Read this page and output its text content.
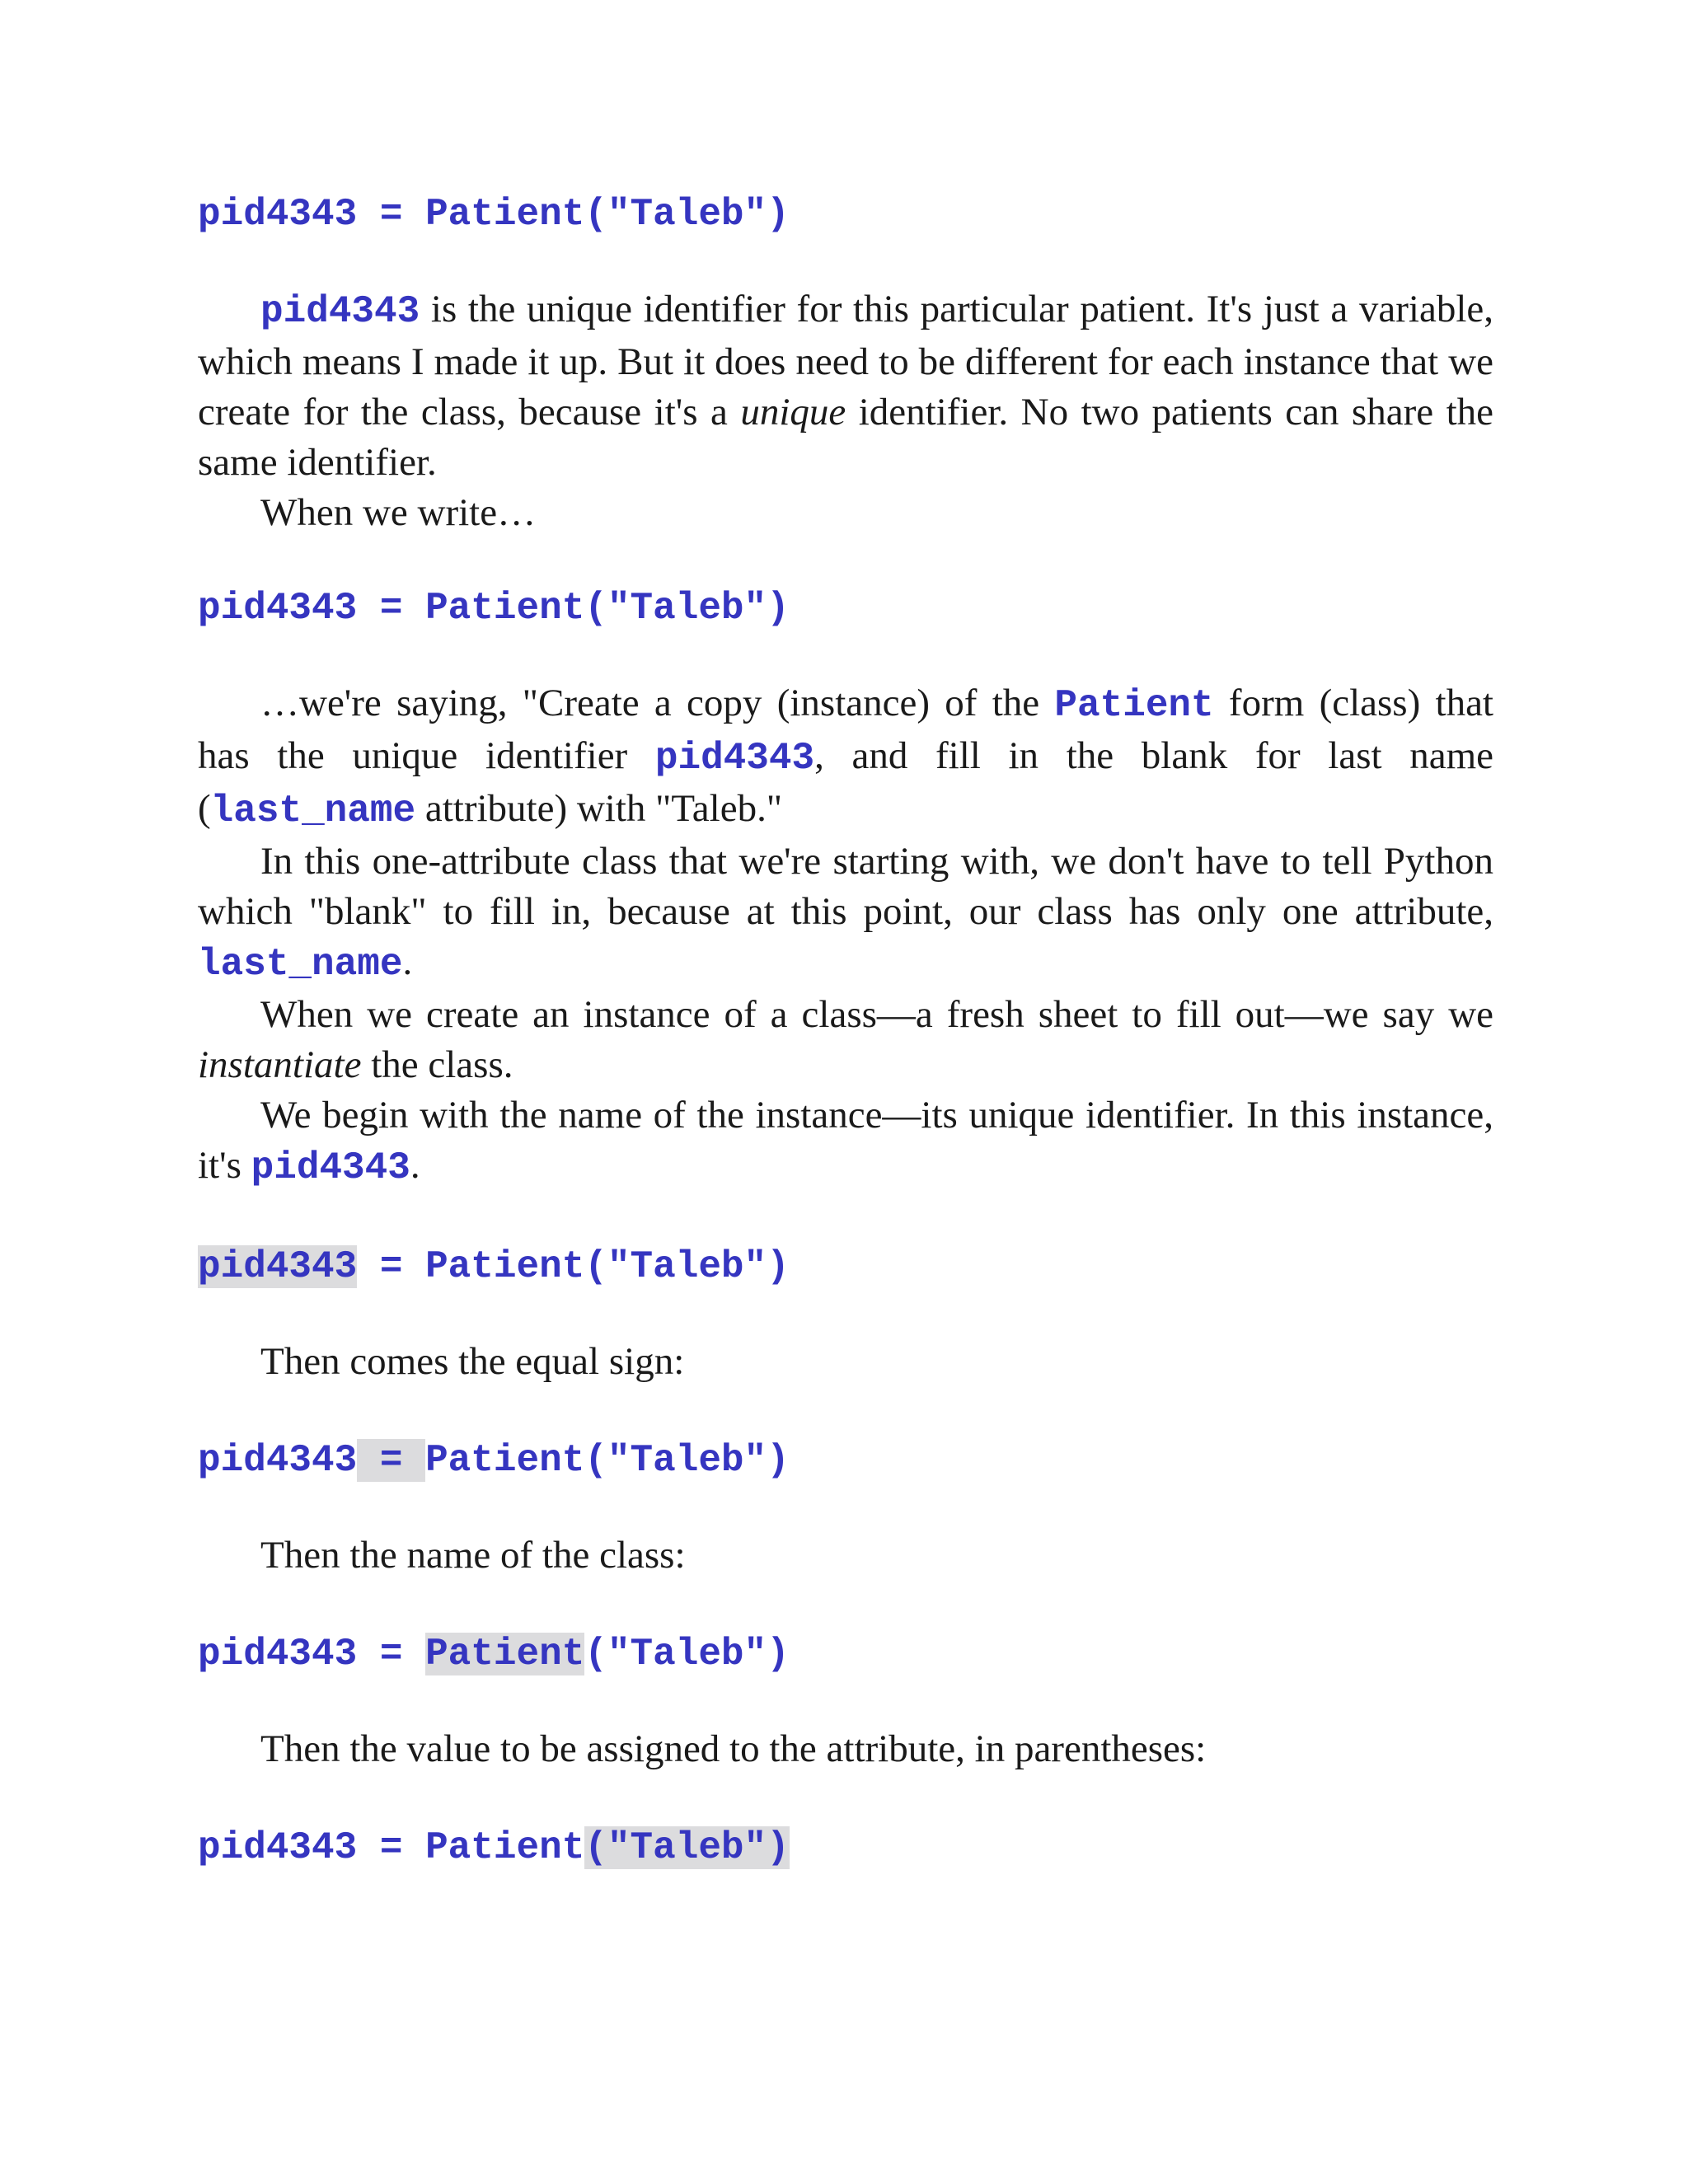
pid4343 = Patient("Taleb")

pid4343 is the unique identifier for this particular patient. It's just a variable, which means I made it up. But it does need to be different for each instance that we create for the class, because it's a unique identifier. No two patients can share the same identifier.

When we write…

pid4343 = Patient("Taleb")

…we're saying, "Create a copy (instance) of the Patient form (class) that has the unique identifier pid4343, and fill in the blank for last name (last_name attribute) with "Taleb."

In this one-attribute class that we're starting with, we don't have to tell Python which "blank" to fill in, because at this point, our class has only one attribute, last_name.

When we create an instance of a class—a fresh sheet to fill out—we say we instantiate the class.

We begin with the name of the instance—its unique identifier. In this instance, it's pid4343.

pid4343 = Patient("Taleb")

Then comes the equal sign:

pid4343 = Patient("Taleb")

Then the name of the class:

pid4343 = Patient("Taleb")

Then the value to be assigned to the attribute, in parentheses:

pid4343 = Patient("Taleb")
